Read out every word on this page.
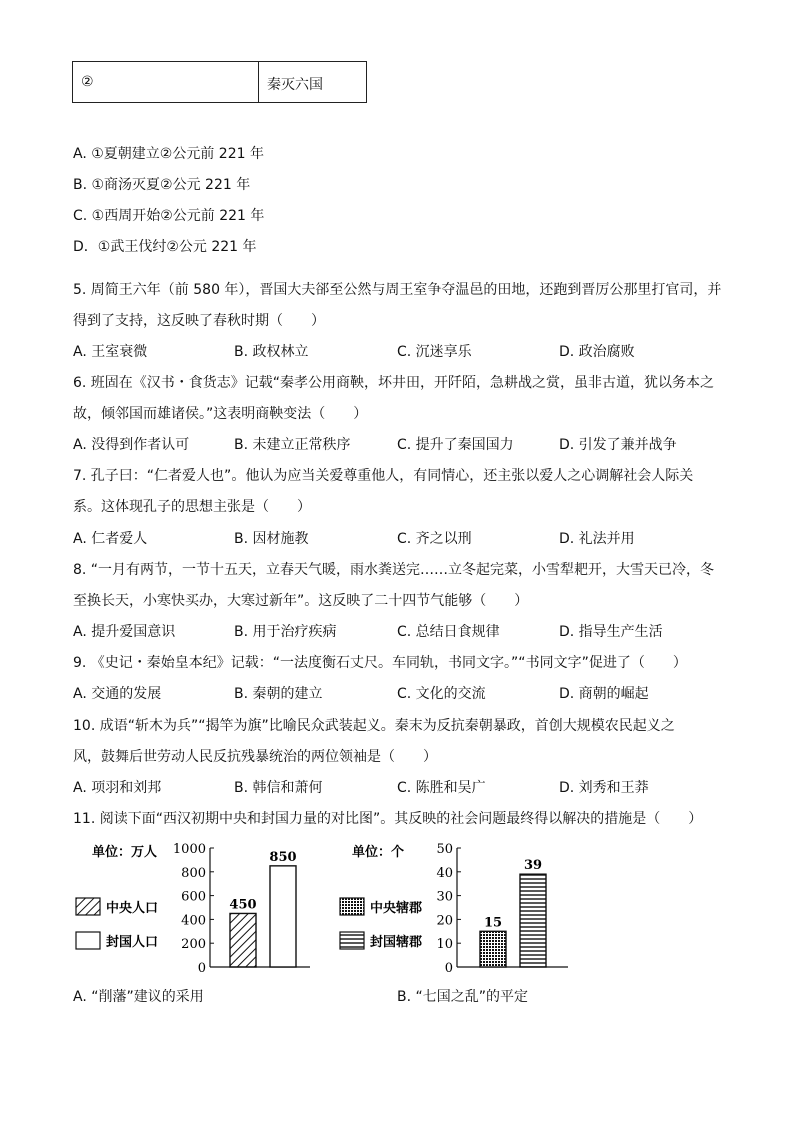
②	秦灭六国
A. ①夏朝建立②公元前 221 年
B. ①商汤灭夏②公元 221 年
C. ①西周开始②公元前 221 年
D．①武王伐纣②公元 221 年
5. 周简王六年（前 580 年），晋国大夫郤至公然与周王室争夺温邑的田地，还跑到晋厉公那里打官司，并
得到了支持，这反映了春秋时期（　　）
A. 王室衰微	B. 政权林立	C. 沉迷享乐	D. 政治腐败
6. 班固在《汉书・食货志》记载“秦孝公用商鞅，坏井田，开阡陌，急耕战之赏，虽非古道，犹以务本之
故，倾邻国而雄诸侯。”这表明商鞅变法（　　）
A. 没得到作者认可	B. 未建立正常秩序	C. 提升了秦国国力	D. 引发了兼并战争
7. 孔子曰：“仁者爱人也”。他认为应当关爱尊重他人，有同情心，还主张以爱人之心调解社会人际关
系。这体现孔子的思想主张是（　　）
A. 仁者爱人	B. 因材施教	C. 齐之以刑	D. 礼法并用
8. “一月有两节，一节十五天，立春天气暖，雨水粪送完……立冬起完菜，小雪犁耙开，大雪天已冷，冬
至换长天，小寒快买办，大寒过新年”。这反映了二十四节气能够（　　）
A. 提升爱国意识	B. 用于治疗疾病	C. 总结日食规律	D. 指导生产生活
9. 《史记・秦始皇本纪》记载：“一法度衡石丈尺。车同轨，书同文字。”“书同文字”促进了（　　）
A. 交通的发展	B. 秦朝的建立	C. 文化的交流	D. 商朝的崛起
10. 成语“斩木为兵”“揭竿为旗”比喻民众武装起义。秦末为反抗秦朝暴政，首创大规模农民起义之
风，鼓舞后世劳动人民反抗残暴统治的两位领袖是（　　）
A. 项羽和刘邦	B. 韩信和萧何	C. 陈胜和吴广	D. 刘秀和王莽
11. 阅读下面“西汉初期中央和封国力量的对比图”。其反映的社会问题最终得以解决的措施是（　　）
单位：万人
中央人口
封国人口
0
200
400
600
800
1000
450
850	单位：个
中央辖郡
封国辖郡
0
10
20
30
40
50
15
39
A. “削藩”建议的采用	B. “七国之乱”的平定
